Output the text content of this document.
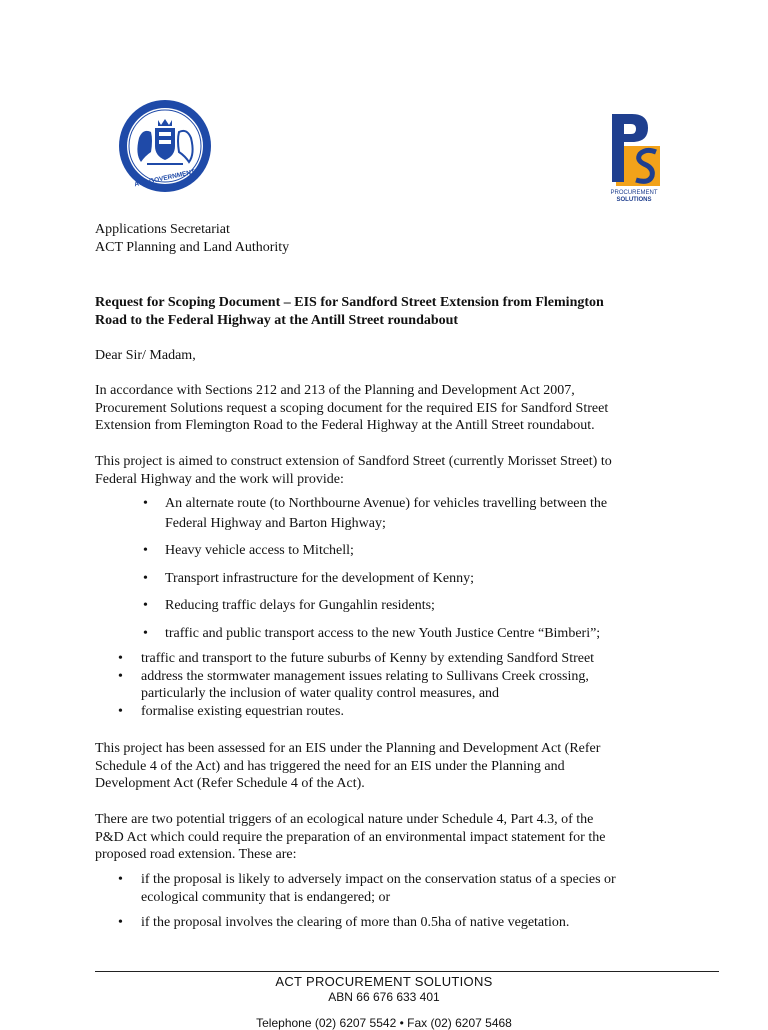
ACT GOVERNMENT
PROCUREMENT
SOLUTIONS
Applications Secretariat
ACT Planning and Land Authority
Request for Scoping Document – EIS for Sandford Street Extension from Flemington
Road to the Federal Highway at the Antill Street roundabout
Dear Sir/ Madam,
In accordance with Sections 212 and 213 of the Planning and Development Act 2007,
Procurement Solutions request a scoping document for the required EIS for Sandford Street
Extension from Flemington Road to the Federal Highway at the Antill Street roundabout.
This project is aimed to construct extension of Sandford Street (currently Morisset Street) to
Federal Highway and the work will provide:
• An alternate route (to Northbourne Avenue) for vehicles travelling between the
Federal Highway and Barton Highway;
• Heavy vehicle access to Mitchell;
• Transport infrastructure for the development of Kenny;
• Reducing traffic delays for Gungahlin residents;
• traffic and public transport access to the new Youth Justice Centre “Bimberi”;
• traffic and transport to the future suburbs of Kenny by extending Sandford Street
• address the stormwater management issues relating to Sullivans Creek crossing,
particularly the inclusion of water quality control measures, and
• formalise existing equestrian routes.
This project has been assessed for an EIS under the Planning and Development Act (Refer
Schedule 4 of the Act) and has triggered the need for an EIS under the Planning and
Development Act (Refer Schedule 4 of the Act).
There are two potential triggers of an ecological nature under Schedule 4, Part 4.3, of the
P&D Act which could require the preparation of an environmental impact statement for the
proposed road extension. These are:
• if the proposal is likely to adversely impact on the conservation status of a species or
ecological community that is endangered; or
• if the proposal involves the clearing of more than 0.5ha of native vegetation.
ACT PROCUREMENT SOLUTIONS
ABN 66 676 633 401
Telephone (02) 6207 5542 • Fax (02) 6207 5468
